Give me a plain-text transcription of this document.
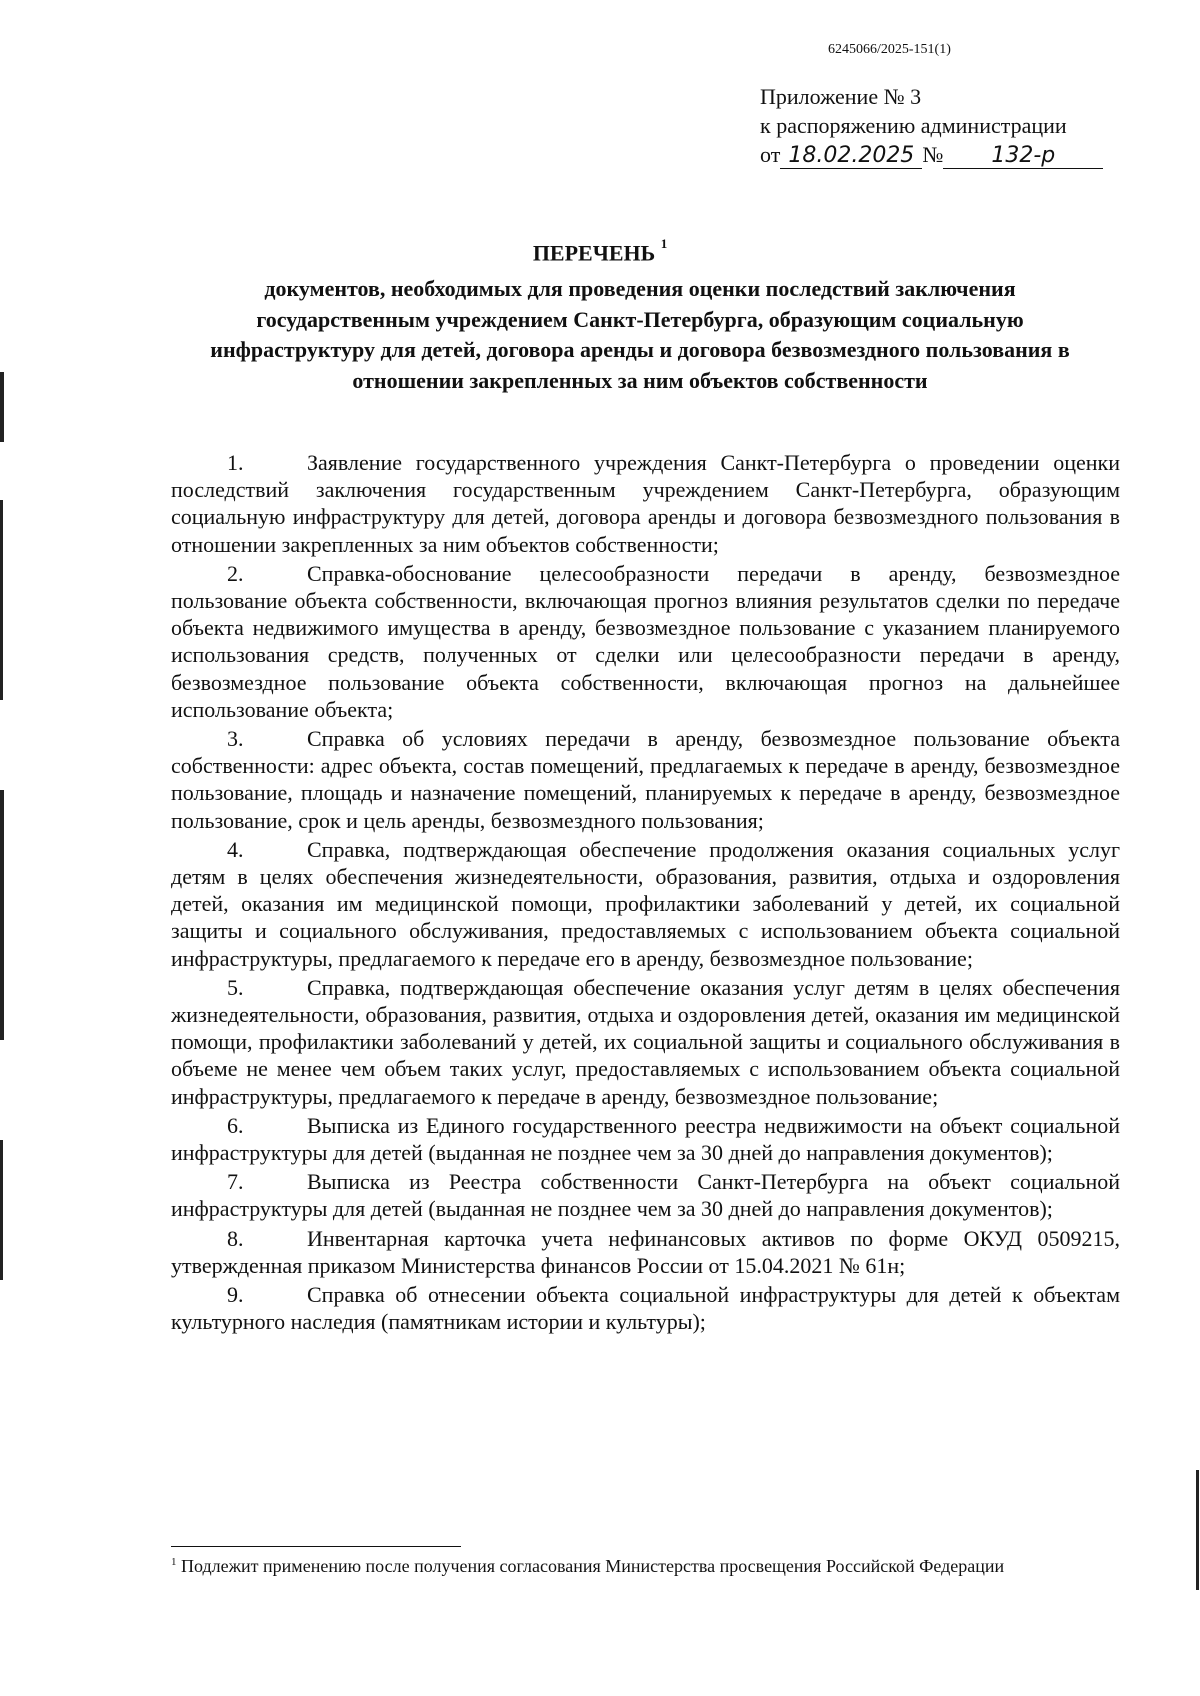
6245066/2025-151(1)
Приложение № 3
к распоряжению администрации
от 18.02.2025 № 132-р
ПЕРЕЧЕНЬ $^1$
документов, необходимых для проведения оценки последствий заключения государственным учреждением Санкт-Петербурга, образующим социальную инфраструктуру для детей, договора аренды и договора безвозмездного пользования в отношении закрепленных за ним объектов собственности

1.	Заявление государственного учреждения Санкт-Петербурга о проведении оценки последствий заключения государственным учреждением Санкт-Петербурга, образующим социальную инфраструктуру для детей, договора аренды и договора безвозмездного пользования в отношении закрепленных за ним объектов собственности;

2.	Справка-обоснование целесообразности передачи в аренду, безвозмездное пользование объекта собственности, включающая прогноз влияния результатов сделки по передаче объекта недвижимого имущества в аренду, безвозмездное пользование с указанием планируемого использования средств, полученных от сделки или целесообразности передачи в аренду, безвозмездное пользование объекта собственности, включающая прогноз на дальнейшее использование объекта;

3.	Справка об условиях передачи в аренду, безвозмездное пользование объекта собственности: адрес объекта, состав помещений, предлагаемых к передаче в аренду, безвозмездное пользование, площадь и назначение помещений, планируемых к передаче в аренду, безвозмездное пользование, срок и цель аренды, безвозмездного пользования;

4.	Справка, подтверждающая обеспечение продолжения оказания социальных услуг детям в целях обеспечения жизнедеятельности, образования, развития, отдыха и оздоровления детей, оказания им медицинской помощи, профилактики заболеваний у детей, их социальной защиты и социального обслуживания, предоставляемых с использованием объекта социальной инфраструктуры, предлагаемого к передаче его в аренду, безвозмездное пользование;

5.	Справка, подтверждающая обеспечение оказания услуг детям в целях обеспечения жизнедеятельности, образования, развития, отдыха и оздоровления детей, оказания им медицинской помощи, профилактики заболеваний у детей, их социальной защиты и социального обслуживания в объеме не менее чем объем таких услуг, предоставляемых с использованием объекта социальной инфраструктуры, предлагаемого к передаче в аренду, безвозмездное пользование;

6.	Выписка из Единого государственного реестра недвижимости на объект социальной инфраструктуры для детей (выданная не позднее чем за 30 дней до направления документов);

7.	Выписка из Реестра собственности Санкт-Петербурга на объект социальной инфраструктуры для детей (выданная не позднее чем за 30 дней до направления документов);

8.	Инвентарная карточка учета нефинансовых активов по форме ОКУД 0509215, утвержденная приказом Министерства финансов России от 15.04.2021 № 61н;

9.	Справка об отнесении объекта социальной инфраструктуры для детей к объектам культурного наследия (памятникам истории и культуры);

$^1$ Подлежит применению после получения согласования Министерства просвещения Российской Федерации
